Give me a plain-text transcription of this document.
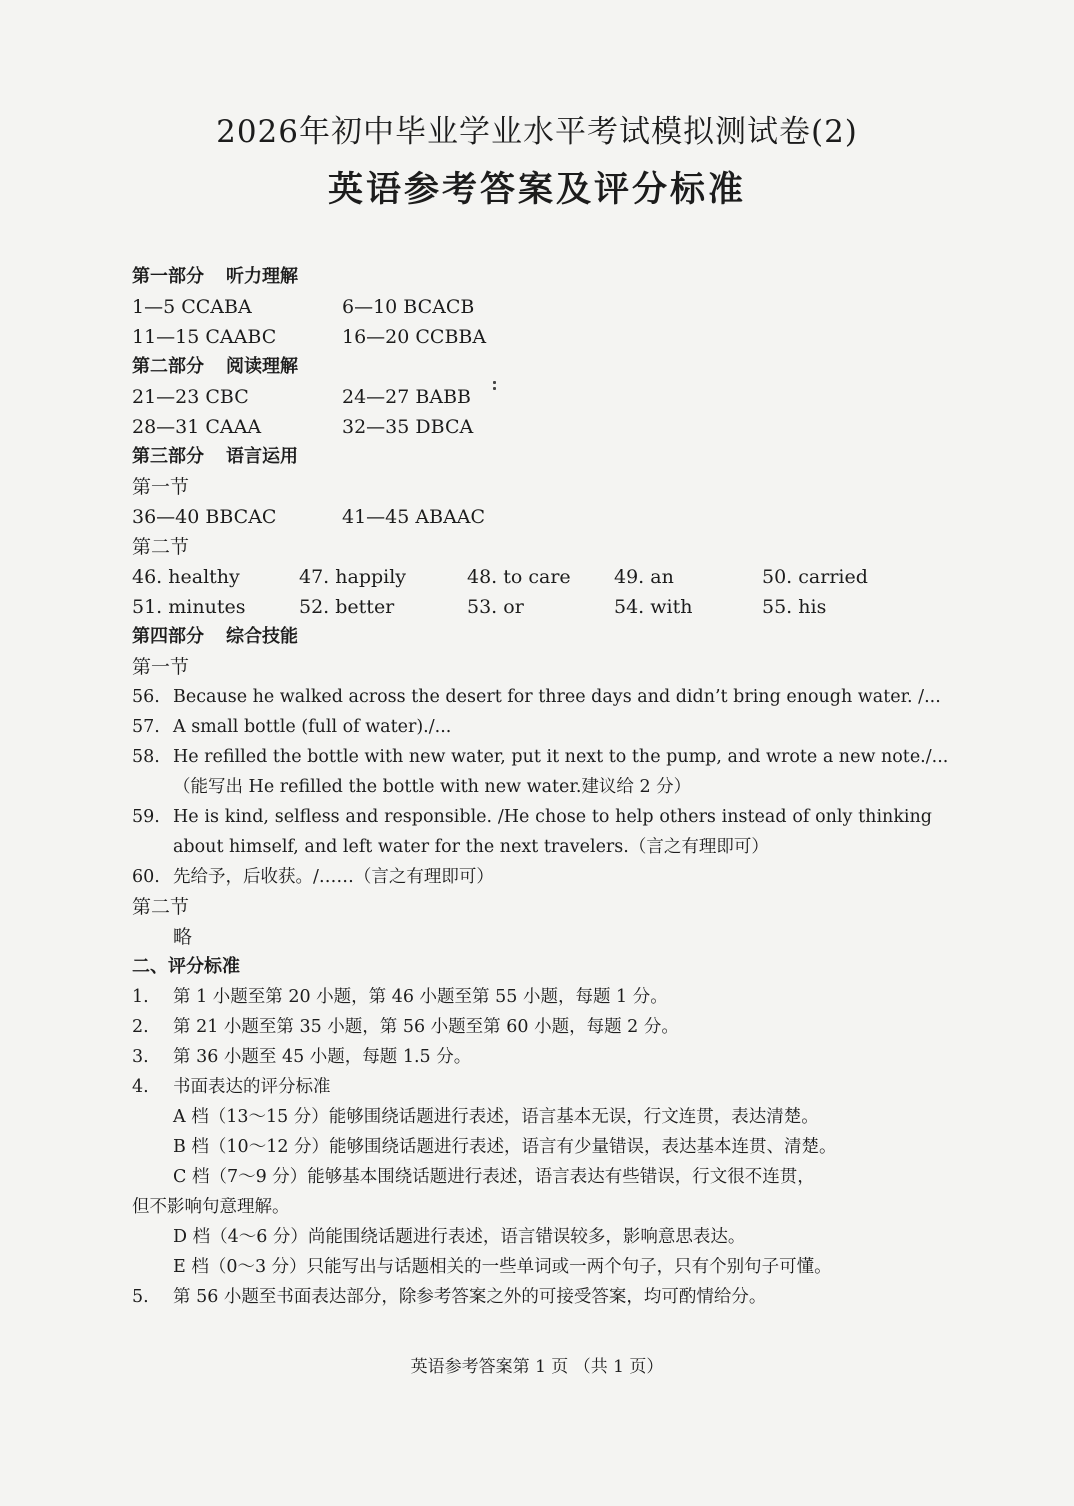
2026年初中毕业学业水平考试模拟测试卷(2)
英语参考答案及评分标准
第一部分 听力理解
1—5 CCABA	6—10 BCACB
11—15 CAABC	16—20 CCBBA
第二部分 阅读理解
21—23 CBC	24—27 BABB
28—31 CAAA	32—35 DBCA
第三部分 语言运用
第一节
36—40 BBCAC	41—45 ABAAC
第二节
46. healthy	47. happily	48. to care 49. an	50. carried
51. minutes	52. better	53. or	54. with	55. his
第四部分 综合技能
第一节
56. Because he walked across the desert for three days and didn’t bring enough water. /...
57. A small bottle (full of water)./...
58. He refilled the bottle with new water, put it next to the pump, and wrote a new note./...
（能写出 He refilled the bottle with new water.建议给 2 分）
59. He is kind, selfless and responsible. /He chose to help others instead of only thinking about himself, and left water for the next travelers.（言之有理即可）
60. 先给予，后收获。/……（言之有理即可）
第二节
略
二、评分标准
1.	第 1 小题至第 20 小题，第 46 小题至第 55 小题，每题 1 分。
2.	第 21 小题至第 35 小题，第 56 小题至第 60 小题，每题 2 分。
3.	第 36 小题至 45 小题，每题 1.5 分。
4.	书面表达的评分标准
A 档（13～15 分）能够围绕话题进行表述，语言基本无误，行文连贯，表达清楚。
B 档（10～12 分）能够围绕话题进行表述，语言有少量错误，表达基本连贯、清楚。
C 档（7～9 分）能够基本围绕话题进行表述，语言表达有些错误，行文很不连贯，
但不影响句意理解。
D 档（4～6 分）尚能围绕话题进行表述，语言错误较多，影响意思表达。
E 档（0～3 分）只能写出与话题相关的一些单词或一两个句子，只有个别句子可懂。
5.	第 56 小题至书面表达部分，除参考答案之外的可接受答案，均可酌情给分。
英语参考答案第 1 页 （共 1 页）
